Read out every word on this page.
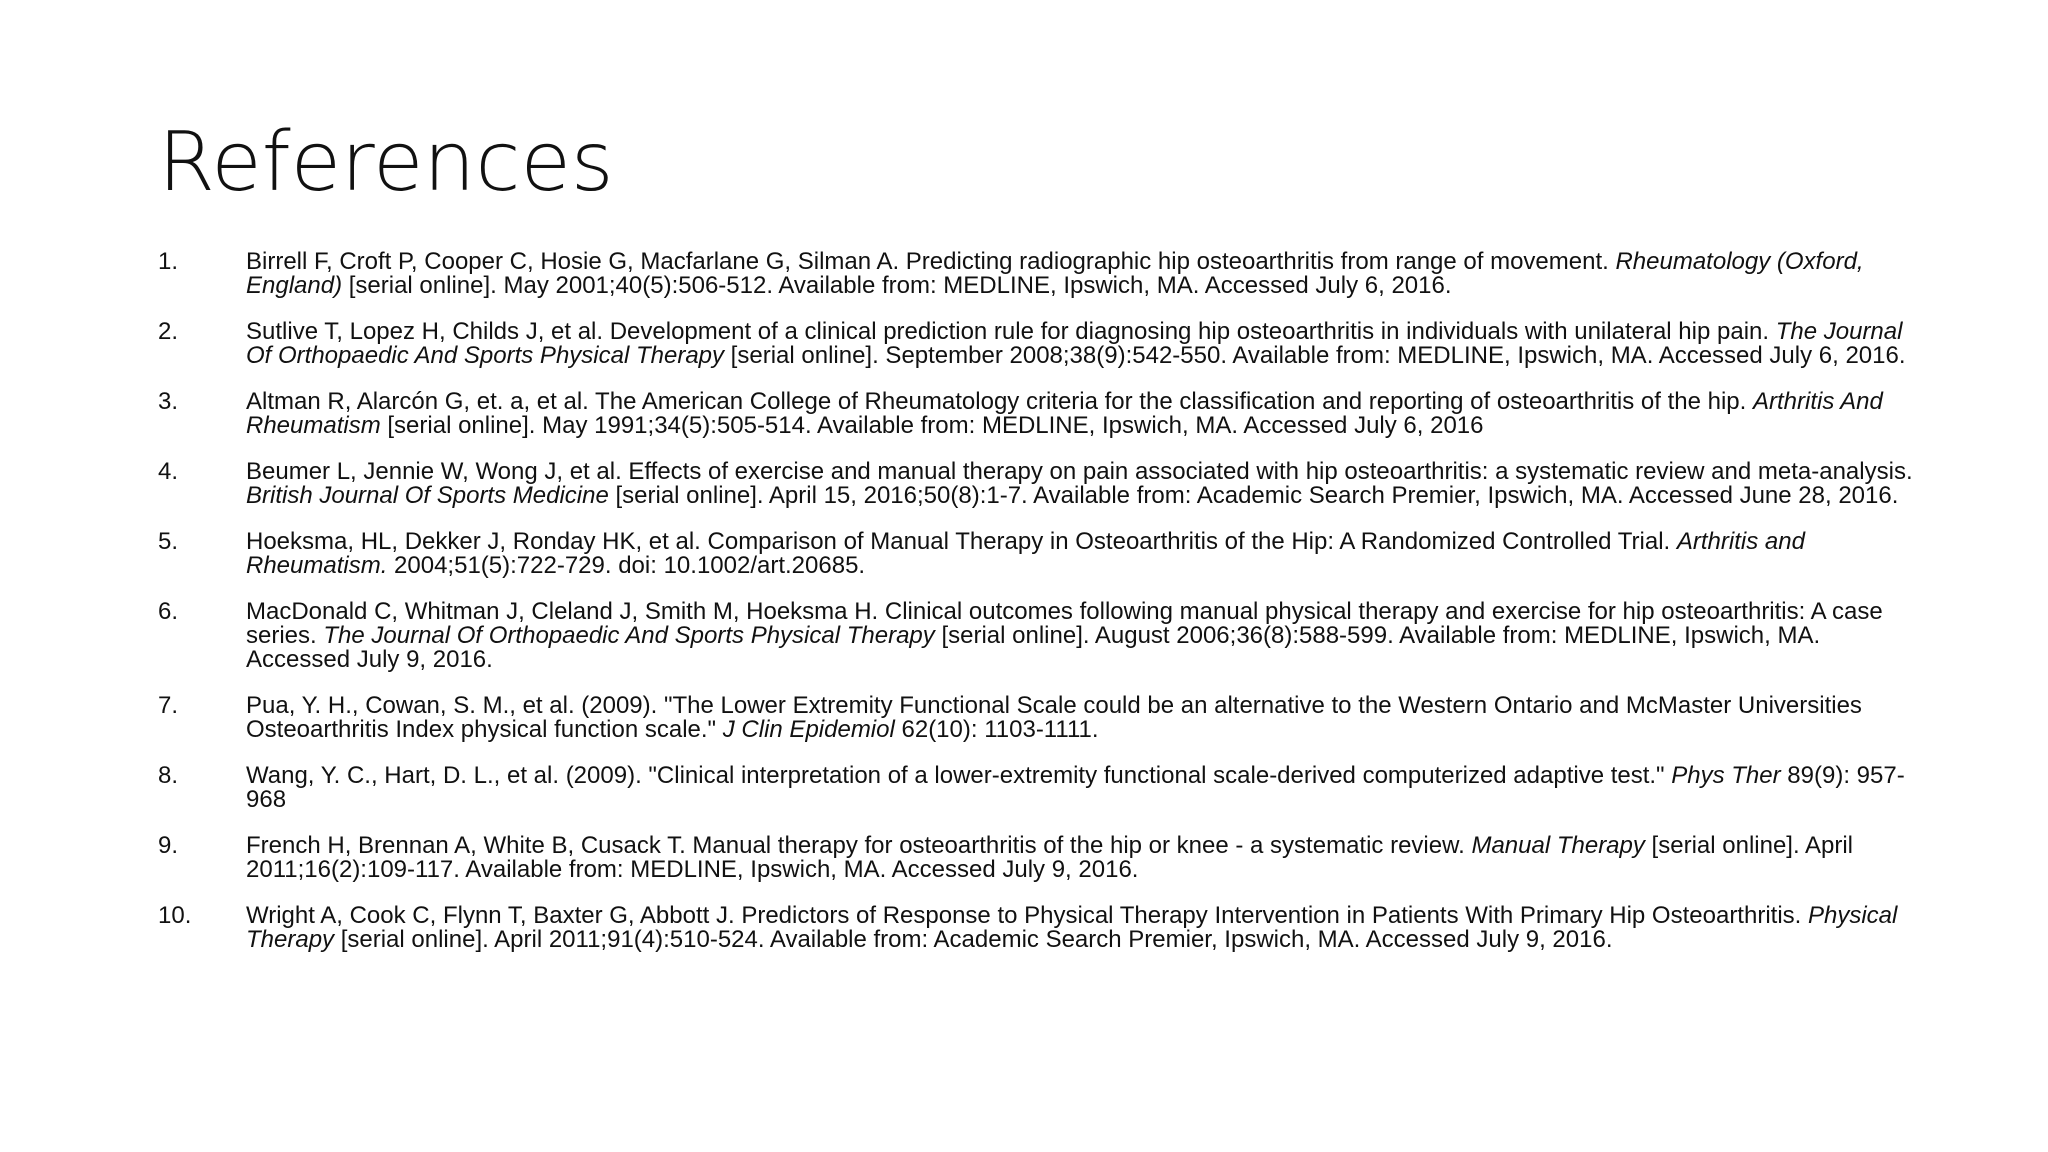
References
1.	Birrell F, Croft P, Cooper C, Hosie G, Macfarlane G, Silman A. Predicting radiographic hip osteoarthritis from range of movement. Rheumatology (Oxford, England) [serial online]. May 2001;40(5):506-512. Available from: MEDLINE, Ipswich, MA. Accessed July 6, 2016.
2.	Sutlive T, Lopez H, Childs J, et al. Development of a clinical prediction rule for diagnosing hip osteoarthritis in individuals with unilateral hip pain. The Journal Of Orthopaedic And Sports Physical Therapy [serial online]. September 2008;38(9):542-550. Available from: MEDLINE, Ipswich, MA. Accessed July 6, 2016.
3.	Altman R, Alarcón G, et. a, et al. The American College of Rheumatology criteria for the classification and reporting of osteoarthritis of the hip. Arthritis And Rheumatism [serial online]. May 1991;34(5):505-514. Available from: MEDLINE, Ipswich, MA. Accessed July 6, 2016
4.	Beumer L, Jennie W, Wong J, et al. Effects of exercise and manual therapy on pain associated with hip osteoarthritis: a systematic review and meta-analysis. British Journal Of Sports Medicine [serial online]. April 15, 2016;50(8):1-7. Available from: Academic Search Premier, Ipswich, MA. Accessed June 28, 2016.
5.	Hoeksma, HL, Dekker J, Ronday HK, et al. Comparison of Manual Therapy in Osteoarthritis of the Hip: A Randomized Controlled Trial. Arthritis and Rheumatism. 2004;51(5):722-729. doi: 10.1002/art.20685.
6.	MacDonald C, Whitman J, Cleland J, Smith M, Hoeksma H. Clinical outcomes following manual physical therapy and exercise for hip osteoarthritis: A case series. The Journal Of Orthopaedic And Sports Physical Therapy [serial online]. August 2006;36(8):588-599. Available from: MEDLINE, Ipswich, MA. Accessed July 9, 2016.
7.	Pua, Y. H., Cowan, S. M., et al. (2009). "The Lower Extremity Functional Scale could be an alternative to the Western Ontario and McMaster Universities Osteoarthritis Index physical function scale." J Clin Epidemiol 62(10): 1103-1111.
8.	Wang, Y. C., Hart, D. L., et al. (2009). "Clinical interpretation of a lower-extremity functional scale-derived computerized adaptive test." Phys Ther 89(9): 957-968
9.	French H, Brennan A, White B, Cusack T. Manual therapy for osteoarthritis of the hip or knee - a systematic review. Manual Therapy [serial online]. April 2011;16(2):109-117. Available from: MEDLINE, Ipswich, MA. Accessed July 9, 2016.
10.	Wright A, Cook C, Flynn T, Baxter G, Abbott J. Predictors of Response to Physical Therapy Intervention in Patients With Primary Hip Osteoarthritis. Physical Therapy [serial online]. April 2011;91(4):510-524. Available from: Academic Search Premier, Ipswich, MA. Accessed July 9, 2016.
